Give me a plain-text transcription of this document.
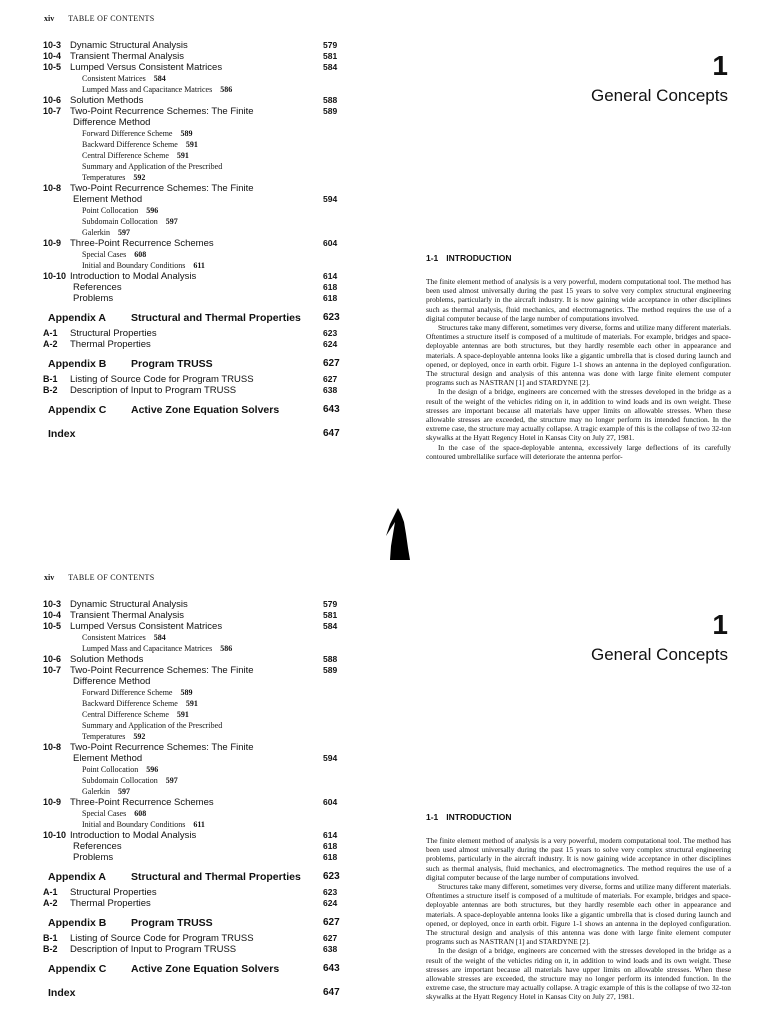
xiv TABLE OF CONTENTS
10-3 Dynamic Structural Analysis	579
10-4 Transient Thermal Analysis	581
10-5 Lumped Versus Consistent Matrices	584
Consistent Matrices 584
Lumped Mass and Capacitance Matrices 586
10-6 Solution Methods	588
10-7 Two-Point Recurrence Schemes: The Finite	589
Difference Method
Forward Difference Scheme 589
Backward Difference Scheme 591
Central Difference Scheme 591
Summary and Application of the Prescribed
Temperatures 592
10-8 Two-Point Recurrence Schemes: The Finite
Element Method	594
Point Collocation 596
Subdomain Collocation 597
Galerkin 597
10-9 Three-Point Recurrence Schemes	604
Special Cases 608
Initial and Boundary Conditions 611
10-10 Introduction to Modal Analysis	614
References	618
Problems	618
Appendix A Structural and Thermal Properties 623
A-1 Structural Properties	623
A-2 Thermal Properties	624
Appendix B Program TRUSS	627
B-1 Listing of Source Code for Program TRUSS	627
B-2 Description of Input to Program TRUSS	638
Appendix C Active Zone Equation Solvers	643
Index	647
1
General Concepts
1-1 INTRODUCTION

The finite element method of analysis is a very powerful, modern computational tool. The method has been used almost universally during the past 15 years to solve very complex structural engineering problems, particularly in the aircraft industry. It is now gaining wide acceptance in other disciplines such as thermal analysis, fluid mechanics, and electromagnetics. The method requires the use of a digital computer because of the large number of computations involved.

Structures take many different, sometimes very diverse, forms and utilize many different materials. Oftentimes a structure itself is composed of a multitude of materials. For example, bridges and space-deployable antennas are both structures, but they hardly resemble each other in appearance and materials. A space-deployable antenna looks like a gigantic umbrella that is closed during launch and opened, or deployed, once in earth orbit. Figure 1-1 shows an antenna in the deployed configuration. The structural design and analysis of this antenna was done with large finite element computer programs such as NASTRAN [1] and STARDYNE [2].

In the design of a bridge, engineers are concerned with the stresses developed in the bridge as a result of the weight of the vehicles riding on it, in addition to wind loads and its own weight. These stresses are important because all materials have upper limits on allowable stresses. When these allowable stresses are exceeded, the structure may no longer perform its intended function. In the extreme case, the structure may actually collapse. A tragic example of this is the collapse of two 32-ton skywalks at the Hyatt Regency Hotel in Kansas City on July 27, 1981.

In the case of the space-deployable antenna, excessively large deflections of its carefully contoured umbrellalike surface will deteriorate the antenna perfor-

xiv TABLE OF CONTENTS
10-3 Dynamic Structural Analysis	579
10-4 Transient Thermal Analysis	581
10-5 Lumped Versus Consistent Matrices	584
Consistent Matrices 584
Lumped Mass and Capacitance Matrices 586
10-6 Solution Methods	588
10-7 Two-Point Recurrence Schemes: The Finite	589
Difference Method
Forward Difference Scheme 589
Backward Difference Scheme 591
Central Difference Scheme 591
Summary and Application of the Prescribed
Temperatures 592
10-8 Two-Point Recurrence Schemes: The Finite
Element Method	594
Point Collocation 596
Subdomain Collocation 597
Galerkin 597
10-9 Three-Point Recurrence Schemes	604
Special Cases 608
Initial and Boundary Conditions 611
10-10 Introduction to Modal Analysis	614
References	618
Problems	618
Appendix A Structural and Thermal Properties 623
A-1 Structural Properties	623
A-2 Thermal Properties	624
Appendix B Program TRUSS	627
B-1 Listing of Source Code for Program TRUSS	627
B-2 Description of Input to Program TRUSS	638
Appendix C Active Zone Equation Solvers	643
Index	647
1
General Concepts
1-1 INTRODUCTION

The finite element method of analysis is a very powerful, modern computational tool. The method has been used almost universally during the past 15 years to solve very complex structural engineering problems, particularly in the aircraft industry. It is now gaining wide acceptance in other disciplines such as thermal analysis, fluid mechanics, and electromagnetics. The method requires the use of a digital computer because of the large number of computations involved.

Structures take many different, sometimes very diverse, forms and utilize many different materials. Oftentimes a structure itself is composed of a multitude of materials. For example, bridges and space-deployable antennas are both structures, but they hardly resemble each other in appearance and materials. A space-deployable antenna looks like a gigantic umbrella that is closed during launch and opened, or deployed, once in earth orbit. Figure 1-1 shows an antenna in the deployed configuration. The structural design and analysis of this antenna was done with large finite element computer programs such as NASTRAN [1] and STARDYNE [2].

In the design of a bridge, engineers are concerned with the stresses developed in the bridge as a result of the weight of the vehicles riding on it, in addition to wind loads and its own weight. These stresses are important because all materials have upper limits on allowable stresses. When these allowable stresses are exceeded, the structure may no longer perform its intended function. In the extreme case, the structure may actually collapse. A tragic example of this is the collapse of two 32-ton skywalks at the Hyatt Regency Hotel in Kansas City on July 27, 1981.
